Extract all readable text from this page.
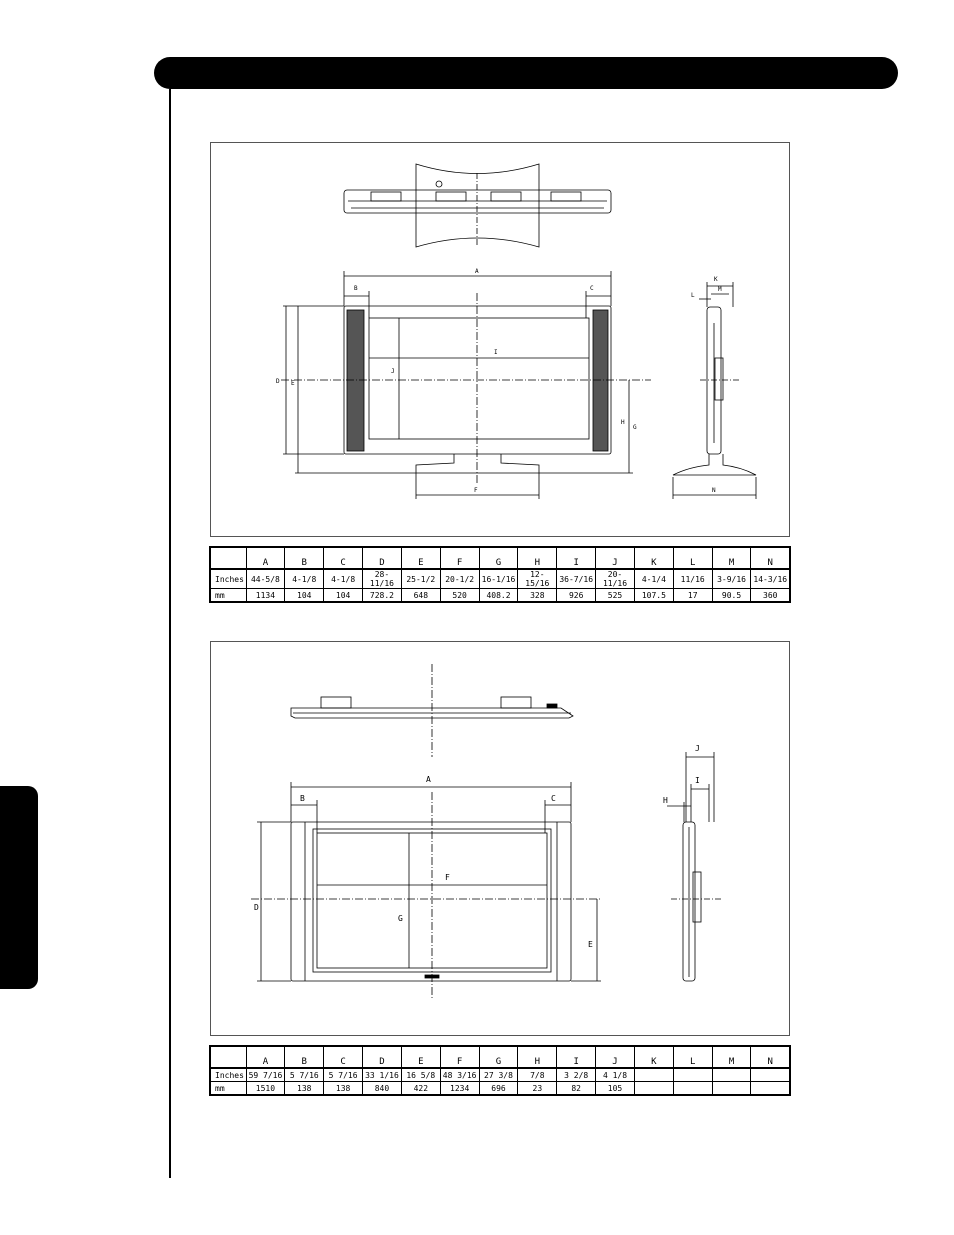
A
B	C
D E
F
G
H
I
J
K
L
M
N
	A	B	C	D	E	F	G	H	I	J	K	L	M	N
Inches	44-5/8	4-1/8	4-1/8	28-11/16	25-1/2	20-1/2	16-1/16	12-15/16	36-7/16	20-11/16	4-1/4	11/16	3-9/16	14-3/16
mm	1134	104	104	728.2	648	520	408.2	328	926	525	107.5	17	90.5	360
A
B	C
D
E
F
G
H
I
J
	A	B	C	D	E	F	G	H	I	J	K	L	M	N
Inches	59 7/16	5 7/16	5 7/16	33 1/16	16 5/8	48 3/16	27 3/8	7/8	3 2/8	4 1/8				
mm	1510	138	138	840	422	1234	696	23	82	105				
